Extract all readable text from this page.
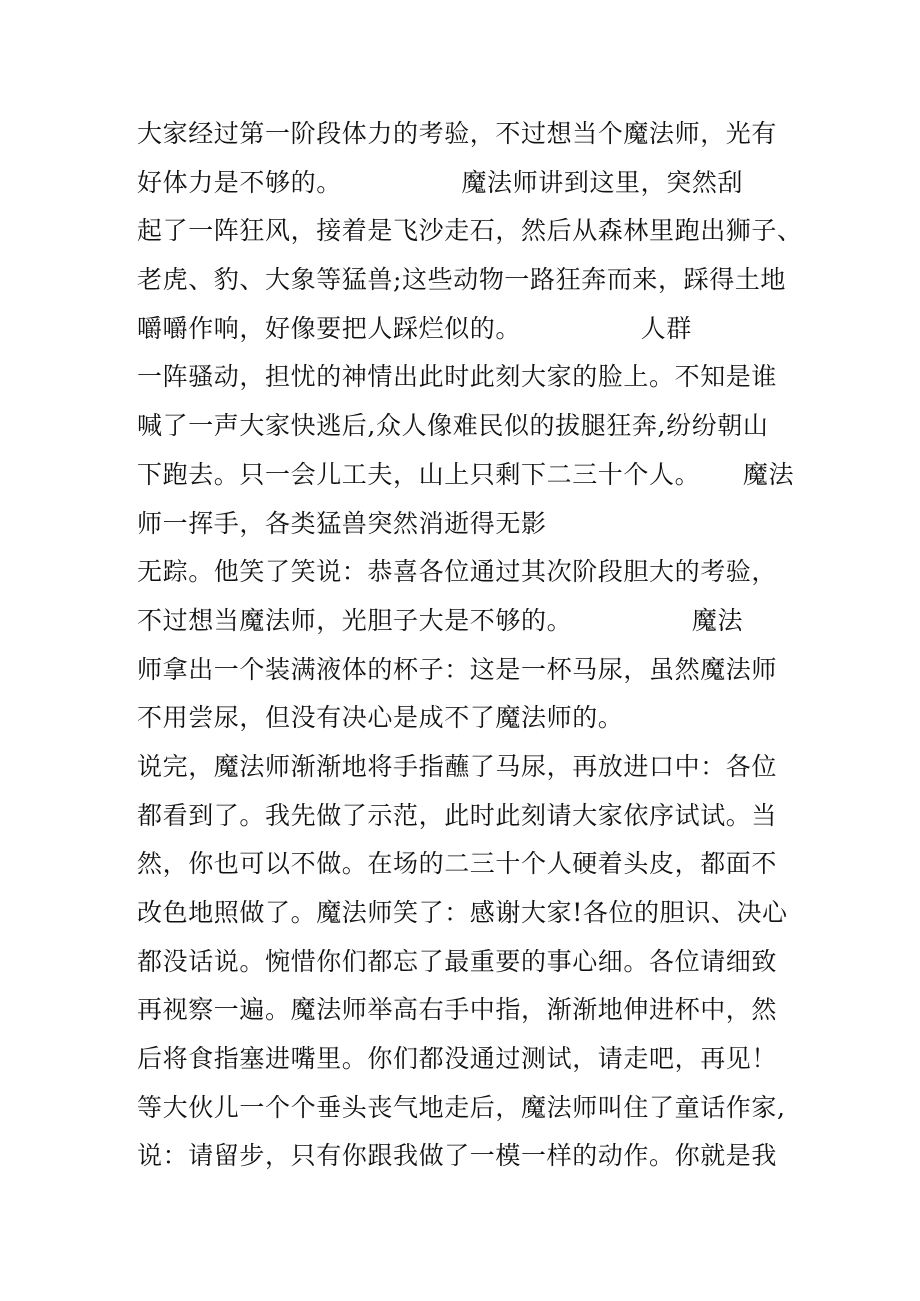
大家经过第一阶段体力的考验，不过想当个魔法师，光有
好体力是不够的。              魔法师讲到这里，突然刮
起了一阵狂风，接着是飞沙走石，然后从森林里跑出狮子、
老虎、豹、大象等猛兽;这些动物一路狂奔而来，踩得土地
嚼嚼作响，好像要把人踩烂似的。              人群
一阵骚动，担忧的神情出此时此刻大家的脸上。不知是谁
喊了一声大家快逃后,众人像难民似的拔腿狂奔,纷纷朝山
下跑去。只一会儿工夫，山上只剩下二三十个人。     魔法
师一挥手，各类猛兽突然消逝得无影
无踪。他笑了笑说：恭喜各位通过其次阶段胆大的考验，
不过想当魔法师，光胆子大是不够的。              魔法
师拿出一个装满液体的杯子：这是一杯马尿，虽然魔法师
不用尝尿，但没有决心是成不了魔法师的。
说完，魔法师渐渐地将手指蘸了马尿，再放进口中：各位
都看到了。我先做了示范，此时此刻请大家依序试试。当
然，你也可以不做。在场的二三十个人硬着头皮，都面不
改色地照做了。魔法师笑了：感谢大家!各位的胆识、决心
都没话说。惋惜你们都忘了最重要的事心细。各位请细致
再视察一遍。魔法师举高右手中指，渐渐地伸进杯中，然
后将食指塞进嘴里。你们都没通过测试，请走吧，再见！
等大伙儿一个个垂头丧气地走后，魔法师叫住了童话作家,
说：请留步，只有你跟我做了一模一样的动作。你就是我
